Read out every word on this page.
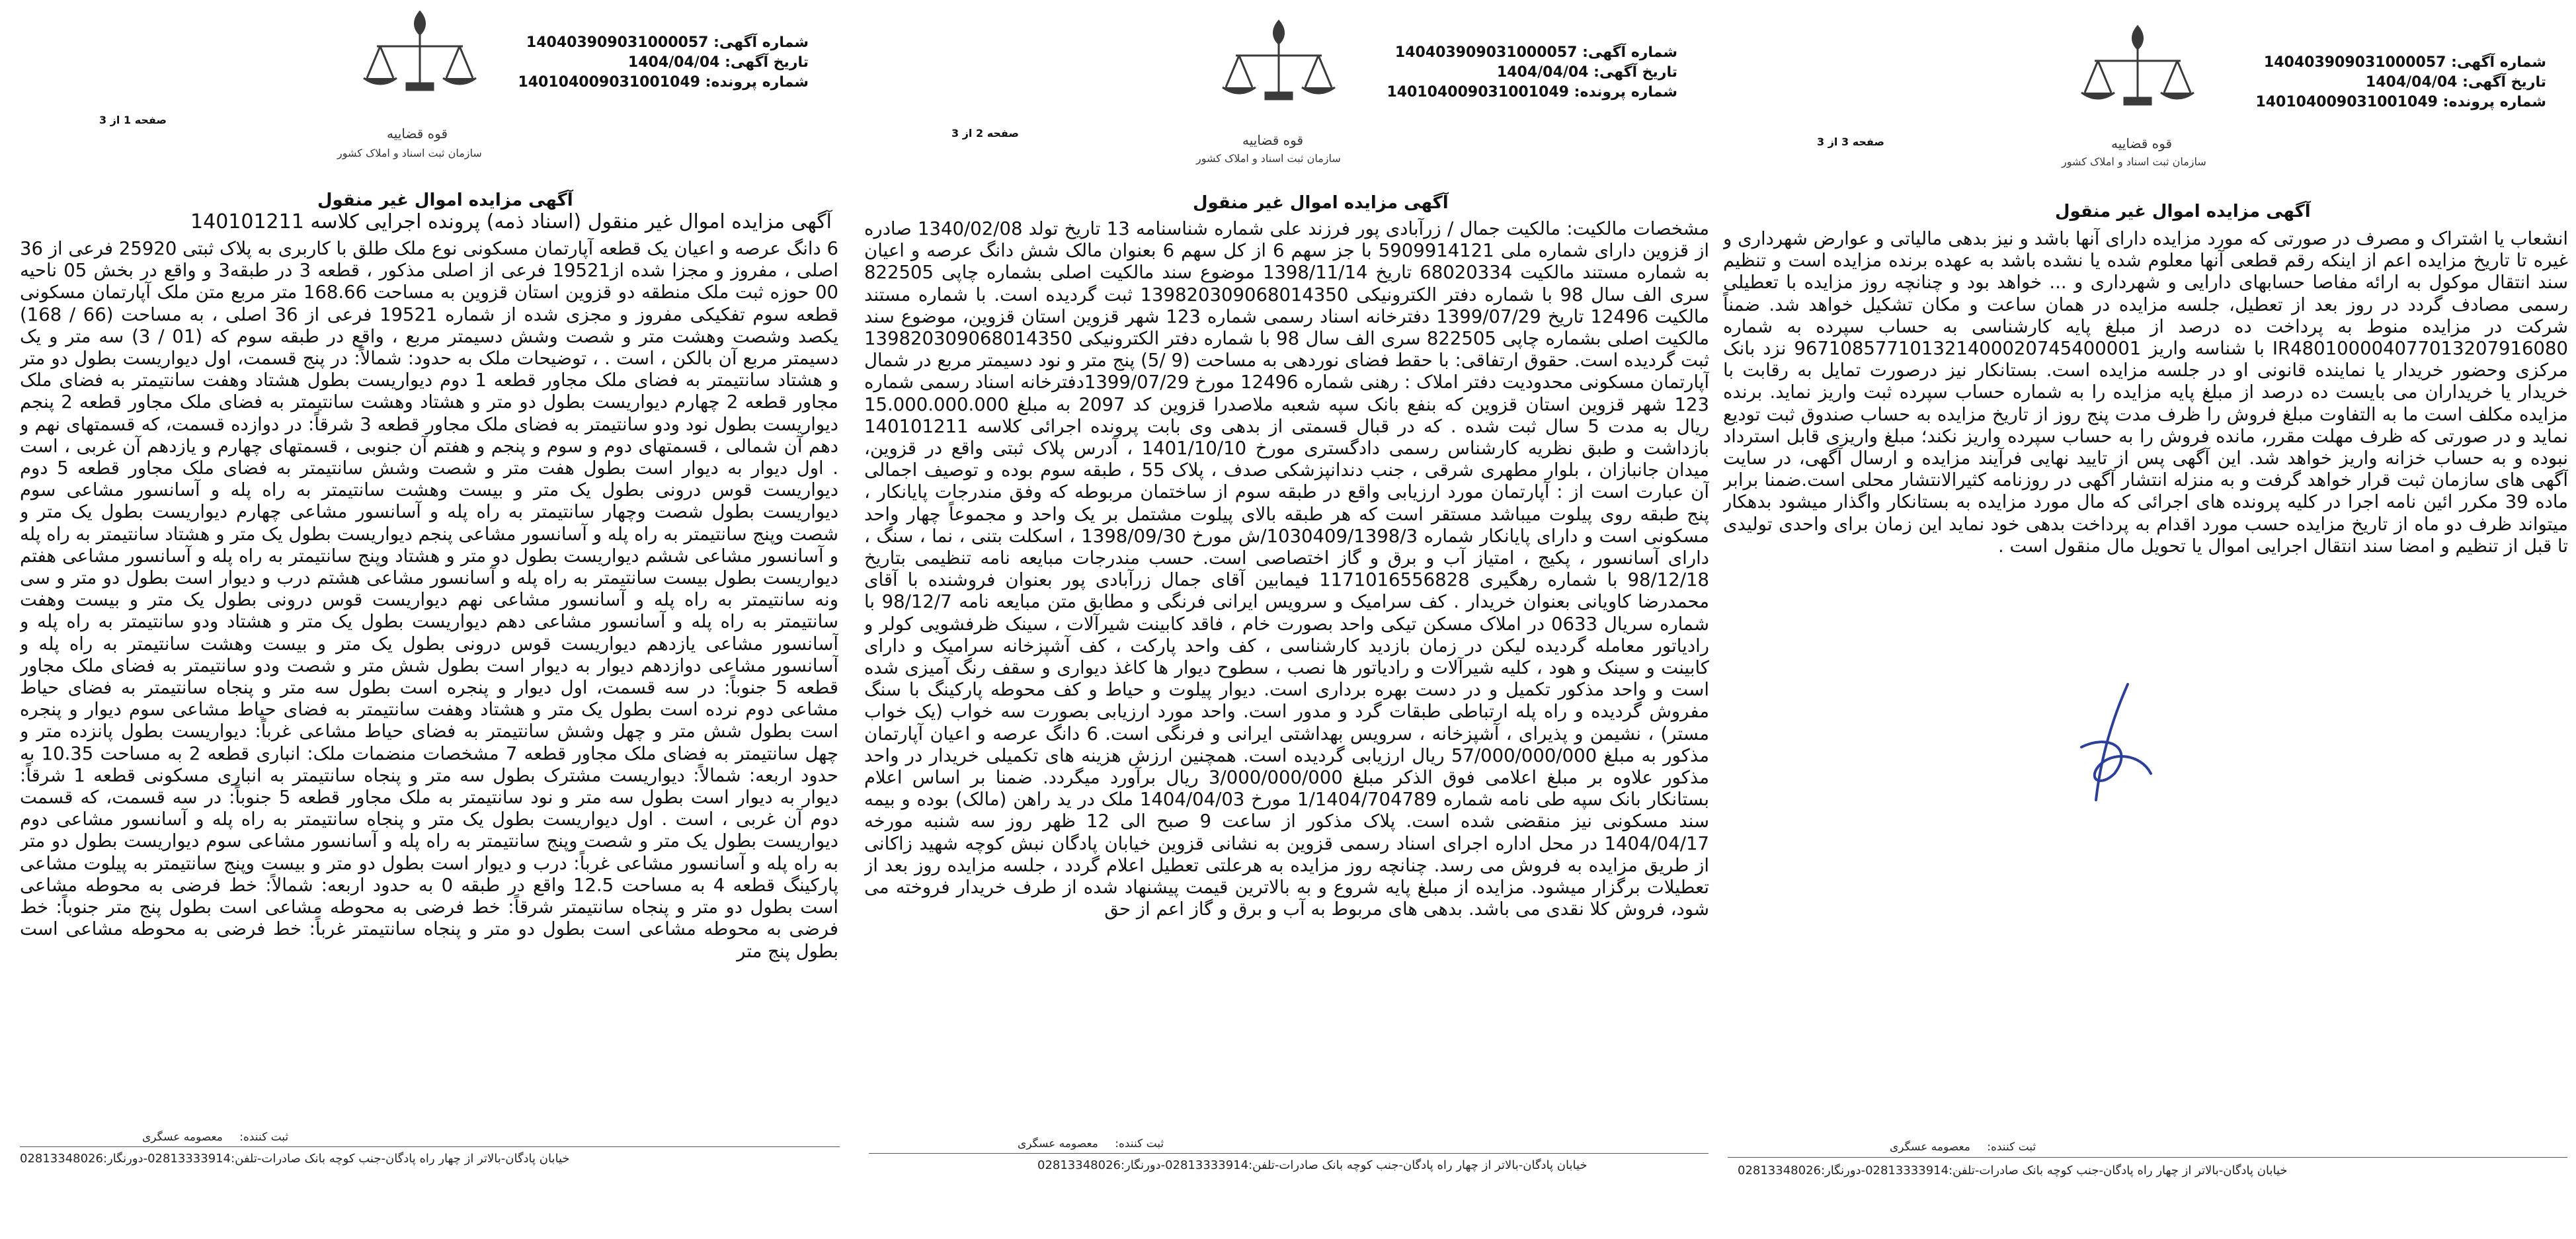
قوه قضاییه
سازمان ثبت اسناد و املاک کشور
شماره آگهی: 140403909031000057
تاریخ آگهی: 1404/04/04
شماره پرونده: 140104009031001049
صفحه 1 از 3
آگهی مزایده اموال غیر منقول
آگهی مزایده اموال غیر منقول (اسناد ذمه) پرونده اجرایی کلاسه 140101211
6 دانگ عرصه و اعیان یک قطعه آپارتمان مسکونی نوع ملک طلق با کاربری به پلاک ثبتی 25920 فرعی از 36 اصلی ، مفروز و مجزا شده از19521 فرعی از اصلی مذکور ، قطعه 3 در طبقه3 و واقع در بخش 05 ناحیه 00 حوزه ثبت ملک منطقه دو قزوین استان قزوین به مساحت 168.66 متر مربع متن ملک آپارتمان مسکونی قطعه سوم تفکیکی مفروز و مجزی شده از شماره 19521 فرعی از 36 اصلی ، به مساحت (66 / 168) یکصد وشصت وهشت متر و شصت وشش دسیمتر مربع ، واقع در طبقه سوم که (01 / 3) سه متر و یک دسیمتر مربع آن بالکن ، است . ، توضیحات ملک به حدود: شمالاً: در پنج قسمت، اول دیواریست بطول دو متر و هشتاد سانتیمتر به فضای ملک مجاور قطعه 1 دوم دیواریست بطول هشتاد وهفت سانتیمتر به فضای ملک مجاور قطعه 2 چهارم دیواریست بطول دو متر و هشتاد وهشت سانتیمتر به فضای ملک مجاور قطعه 2 پنجم دیواریست بطول نود ودو سانتیمتر به فضای ملک مجاور قطعه 3 شرقاً: در دوازده قسمت، که قسمتهای نهم و دهم آن شمالی ، قسمتهای دوم و سوم و پنجم و هفتم آن جنوبی ، قسمتهای چهارم و یازدهم آن غربی ، است . اول دیوار به دیوار است بطول هفت متر و شصت وشش سانتیمتر به فضای ملک مجاور قطعه 5 دوم دیواریست قوس درونی بطول یک متر و بیست وهشت سانتیمتر به راه پله و آسانسور مشاعی سوم دیواریست بطول شصت وچهار سانتیمتر به راه پله و آسانسور مشاعی چهارم دیواریست بطول یک متر و شصت وپنج سانتیمتر به راه پله و آسانسور مشاعی پنجم دیواریست بطول یک متر و هشتاد سانتیمتر به راه پله و آسانسور مشاعی ششم دیواریست بطول دو متر و هشتاد وپنج سانتیمتر به راه پله و آسانسور مشاعی هفتم دیواریست بطول بیست سانتیمتر به راه پله و آسانسور مشاعی هشتم درب و دیوار است بطول دو متر و سی ونه سانتیمتر به راه پله و آسانسور مشاعی نهم دیواریست قوس درونی بطول یک متر و بیست وهفت سانتیمتر به راه پله و آسانسور مشاعی دهم دیواریست بطول یک متر و هشتاد ودو سانتیمتر به راه پله و آسانسور مشاعی یازدهم دیواریست قوس درونی بطول یک متر و بیست وهشت سانتیمتر به راه پله و آسانسور مشاعی دوازدهم دیوار به دیوار است بطول شش متر و شصت ودو سانتیمتر به فضای ملک مجاور قطعه 5 جنوباً: در سه قسمت، اول دیوار و پنجره است بطول سه متر و پنجاه سانتیمتر به فضای حیاط مشاعی دوم نرده است بطول یک متر و هشتاد وهفت سانتیمتر به فضای حیاط مشاعی سوم دیوار و پنجره است بطول شش متر و چهل وشش سانتیمتر به فضای حیاط مشاعی غرباً: دیواریست بطول پانزده متر و چهل سانتیمتر به فضای ملک مجاور قطعه 7 مشخصات منضمات ملک: انباری قطعه 2 به مساحت 10.35 به حدود اربعه: شمالاً: دیواریست مشترک بطول سه متر و پنجاه سانتیمتر به انباری مسکونی قطعه 1 شرقاً: دیوار به دیوار است بطول سه متر و نود سانتیمتر به ملک مجاور قطعه 5 جنوباً: در سه قسمت، که قسمت دوم آن غربی ، است . اول دیواریست بطول یک متر و پنجاه سانتیمتر به راه پله و آسانسور مشاعی دوم دیواریست بطول یک متر و شصت وپنج سانتیمتر به راه پله و آسانسور مشاعی سوم دیواریست بطول دو متر به راه پله و آسانسور مشاعی غرباً: درب و دیوار است بطول دو متر و بیست وپنج سانتیمتر به پیلوت مشاعی پارکینگ قطعه 4 به مساحت 12.5 واقع در طبقه 0 به حدود اربعه: شمالاً: خط فرضی به محوطه مشاعی است بطول دو متر و پنجاه سانتیمتر شرقاً: خط فرضی به محوطه مشاعی است بطول پنج متر جنوباً: خط فرضی به محوطه مشاعی است بطول دو متر و پنجاه سانتیمتر غرباً: خط فرضی به محوطه مشاعی است بطول پنج متر
ثبت کننده: معصومه عسگری
خیابان پادگان-بالاتر از چهار راه پادگان-جنب کوچه بانک صادرات-تلفن:02813333914-دورنگار:02813348026
قوه قضاییه
سازمان ثبت اسناد و املاک کشور
شماره آگهی: 140403909031000057
تاریخ آگهی: 1404/04/04
شماره پرونده: 140104009031001049
صفحه 2 از 3
آگهی مزایده اموال غیر منقول
مشخصات مالکیت: مالکیت جمال / زرآبادی پور فرزند علی شماره شناسنامه 13 تاریخ تولد 1340/02/08 صادره از قزوین دارای شماره ملی 5909914121 با جز سهم 6 از کل سهم 6 بعنوان مالک شش دانگ عرصه و اعیان به شماره مستند مالکیت 68020334 تاریخ 1398/11/14 موضوع سند مالکیت اصلی بشماره چاپی 822505 سری الف سال 98 با شماره دفتر الکترونیکی 139820309068014350 ثبت گردیده است. با شماره مستند مالکیت 12496 تاریخ 1399/07/29 دفترخانه اسناد رسمی شماره 123 شهر قزوین استان قزوین، موضوع سند مالکیت اصلی بشماره چاپی 822505 سری الف سال 98 با شماره دفتر الکترونیکی 139820309068014350 ثبت گردیده است. حقوق ارتفاقی: با حقط فضای نوردهی به مساحت (9 /5) پنج متر و نود دسیمتر مربع در شمال آپارتمان مسکونی محدودیت دفتر املاک : رهنی شماره 12496 مورخ 1399/07/29دفترخانه اسناد رسمی شماره 123 شهر قزوین استان قزوین که بنفع بانک سپه شعبه ملاصدرا قزوین کد 2097 به مبلغ 15.000.000.000 ریال به مدت 5 سال ثبت شده . که در قبال قسمتی از بدهی وی بابت پرونده اجرائی کلاسه 140101211 بازداشت و طبق نظریه کارشناس رسمی دادگستری مورخ 1401/10/10 ، آدرس پلاک ثبتی واقع در قزوین، میدان جانبازان ، بلوار مطهری شرقی ، جنب دندانپزشکی صدف ، پلاک 55 ، طبقه سوم بوده و توصیف اجمالی آن عبارت است از : آپارتمان مورد ارزیابی واقع در طبقه سوم از ساختمان مربوطه که وفق مندرجات پایانکار ، پنج طبقه روی پیلوت میباشد مستقر است که هر طبقه بالای پیلوت مشتمل بر یک واحد و مجموعاً چهار واحد مسکونی است و دارای پایانکار شماره 1030409/1398/3/ش مورخ 1398/09/30 ، اسکلت بتنی ، نما ، سنگ ، دارای آسانسور ، پکیج ، امتیاز آب و برق و گاز اختصاصی است. حسب مندرجات مبایعه نامه تنظیمی بتاریخ 98/12/18 با شماره رهگیری 1171016556828 فیمابین آقای جمال زرآبادی پور بعنوان فروشنده با آقای محمدرضا کاویانی بعنوان خریدار . کف سرامیک و سرویس ایرانی فرنگی و مطابق متن مبایعه نامه 98/12/7 با شماره سریال 0633 در املاک مسکن تیکی واحد بصورت خام ، فاقد کابینت شیرآلات ، سینک ظرفشویی کولر و رادیاتور معامله گردیده لیکن در زمان بازدید کارشناسی ، کف واحد پارکت ، کف آشپزخانه سرامیک و دارای کابینت و سینک و هود ، کلیه شیرآلات و رادیاتور ها نصب ، سطوح دیوار ها کاغذ دیواری و سقف رنگ آمیزی شده است و واحد مذکور تکمیل و در دست بهره برداری است. دیوار پیلوت و حیاط و کف محوطه پارکینگ با سنگ مفروش گردیده و راه پله ارتباطی طبقات گرد و مدور است. واحد مورد ارزیابی بصورت سه خواب (یک خواب مستر) ، نشیمن و پذیرای ، آشپزخانه ، سرویس بهداشتی ایرانی و فرنگی است. 6 دانگ عرصه و اعیان آپارتمان مذکور به مبلغ 57/000/000/000 ریال ارزیابی گردیده است. همچنین ارزش هزینه های تکمیلی خریدار در واحد مذکور علاوه بر مبلغ اعلامی فوق الذکر مبلغ 3/000/000/000 ریال برآورد میگردد. ضمنا بر اساس اعلام بستانکار بانک سپه طی نامه شماره 1/1404/704789 مورخ 1404/04/03 ملک در ید راهن (مالک) بوده و بیمه سند مسکونی نیز منقضی شده است. پلاک مذکور از ساعت 9 صبح الی 12 ظهر روز سه شنبه مورخه 1404/04/17 در محل اداره اجرای اسناد رسمی قزوین به نشانی قزوین خیابان پادگان نبش کوچه شهید زاکانی از طریق مزایده به فروش می رسد. چنانچه روز مزایده به هرعلتی تعطیل اعلام گردد ، جلسه مزایده روز بعد از تعطیلات برگزار میشود. مزایده از مبلغ پایه شروع و به بالاترین قیمت پیشنهاد شده از طرف خریدار فروخته می شود، فروش کلا نقدی می باشد. بدهی های مربوط به آب و برق و گاز اعم از حق
ثبت کننده: معصومه عسگری
خیابان پادگان-بالاتر از چهار راه پادگان-جنب کوچه بانک صادرات-تلفن:02813333914-دورنگار:02813348026
قوه قضاییه
سازمان ثبت اسناد و املاک کشور
شماره آگهی: 140403909031000057
تاریخ آگهی: 1404/04/04
شماره پرونده: 140104009031001049
صفحه 3 از 3
آگهی مزایده اموال غیر منقول
انشعاب یا اشتراک و مصرف در صورتی که مورد مزایده دارای آنها باشد و نیز بدهی مالیاتی و عوارض شهرداری و غیره تا تاریخ مزایده اعم از اینکه رقم قطعی آنها معلوم شده یا نشده باشد به عهده برنده مزایده است و تنظیم سند انتقال موکول به ارائه مفاصا حسابهای دارایی و شهرداری و ... خواهد بود و چنانچه روز مزایده با تعطیلی رسمی مصادف گردد در روز بعد از تعطیل، جلسه مزایده در همان ساعت و مکان تشکیل خواهد شد. ضمناً شرکت در مزایده منوط به پرداخت ده درصد از مبلغ پایه کارشناسی به حساب سپرده به شماره IR480100004077013207916080 با شناسه واریز 967108577101321400020745400001 نزد بانک مرکزی وحضور خریدار یا نماینده قانونی او در جلسه مزایده است. بستانکار نیز درصورت تمایل به رقابت با خریدار یا خریداران می بایست ده درصد از مبلغ پایه مزایده را به شماره حساب سپرده ثبت واریز نماید. برنده مزایده مکلف است ما به التفاوت مبلغ فروش را ظرف مدت پنج روز از تاریخ مزایده به حساب صندوق ثبت تودیع نماید و در صورتی که ظرف مهلت مقرر، مانده فروش را به حساب سپرده واریز نکند؛ مبلغ واریزی قابل استرداد نبوده و به حساب خزانه واریز خواهد شد. این آگهی پس از تایید نهایی فرآیند مزایده و ارسال آگهی، در سایت آگهی های سازمان ثبت قرار خواهد گرفت و به منزله انتشار آگهی در روزنامه کثیرالانتشار محلی است.ضمنا برابر ماده 39 مکرر ائین نامه اجرا در کلیه پرونده های اجرائی که مال مورد مزایده به بستانکار واگذار میشود بدهکار میتواند ظرف دو ماه از تاریخ مزایده حسب مورد اقدام به پرداخت بدهی خود نماید این زمان برای واحدی تولیدی تا قبل از تنظیم و امضا سند انتقال اجرایی اموال یا تحویل مال منقول است .
ثبت کننده: معصومه عسگری
خیابان پادگان-بالاتر از چهار راه پادگان-جنب کوچه بانک صادرات-تلفن:02813333914-دورنگار:02813348026
